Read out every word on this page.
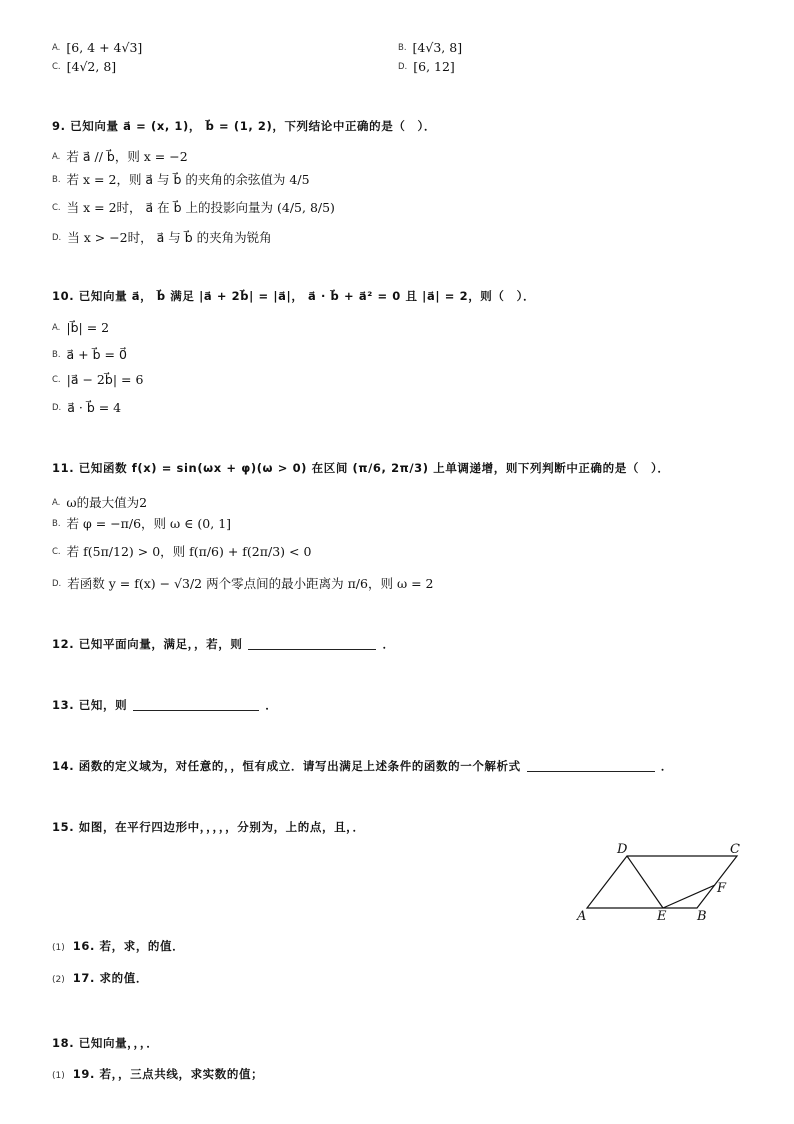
A. [6, 4 + 4√3]	B. [4√3, 8]
C. [4√2, 8]	D. [6, 12]
9. 已知向量 a⃗ = (x, 1)， b⃗ = (1, 2)，下列结论中正确的是（　）．
A. 若 a⃗ // b⃗，则 x = −2
B. 若 x = 2，则 a⃗ 与 b⃗ 的夹角的余弦值为 4/5
C. 当 x = 2时， a⃗ 在 b⃗ 上的投影向量为 (4/5, 8/5)
D. 当 x > −2时， a⃗ 与 b⃗ 的夹角为锐角
10. 已知向量 a⃗， b⃗ 满足 |a⃗ + 2b⃗| = |a⃗|， a⃗ · b⃗ + a⃗² = 0 且 |a⃗| = 2，则（　）．
A. |b⃗| = 2
B. a⃗ + b⃗ = 0⃗
C. |a⃗ − 2b⃗| = 6
D. a⃗ · b⃗ = 4
11. 已知函数 f(x) = sin(ωx + φ)(ω > 0) 在区间 (π/6, 2π/3) 上单调递增，则下列判断中正确的是（　）．
A. ω的最大值为2
B. 若 φ = −π/6，则 ω ∈ (0, 1]
C. 若 f(5π/12) > 0，则 f(π/6) + f(2π/3) < 0
D. 若函数 y = f(x) − √3/2 两个零点间的最小距离为 π/6，则 ω = 2
12. 已知平面向量，满足，，若，则	．
13. 已知，则	．
14. 函数的定义域为，对任意的，，恒有成立．请写出满足上述条件的函数的一个解析式	．
15. 如图，在平行四边形中，，，，，分别为，上的点，且，．
A	B
C
D
E
F
(1) 16. 若，求，的值．
(2) 17. 求的值．
18. 已知向量，，，．
(1) 19. 若，，三点共线，求实数的值；
